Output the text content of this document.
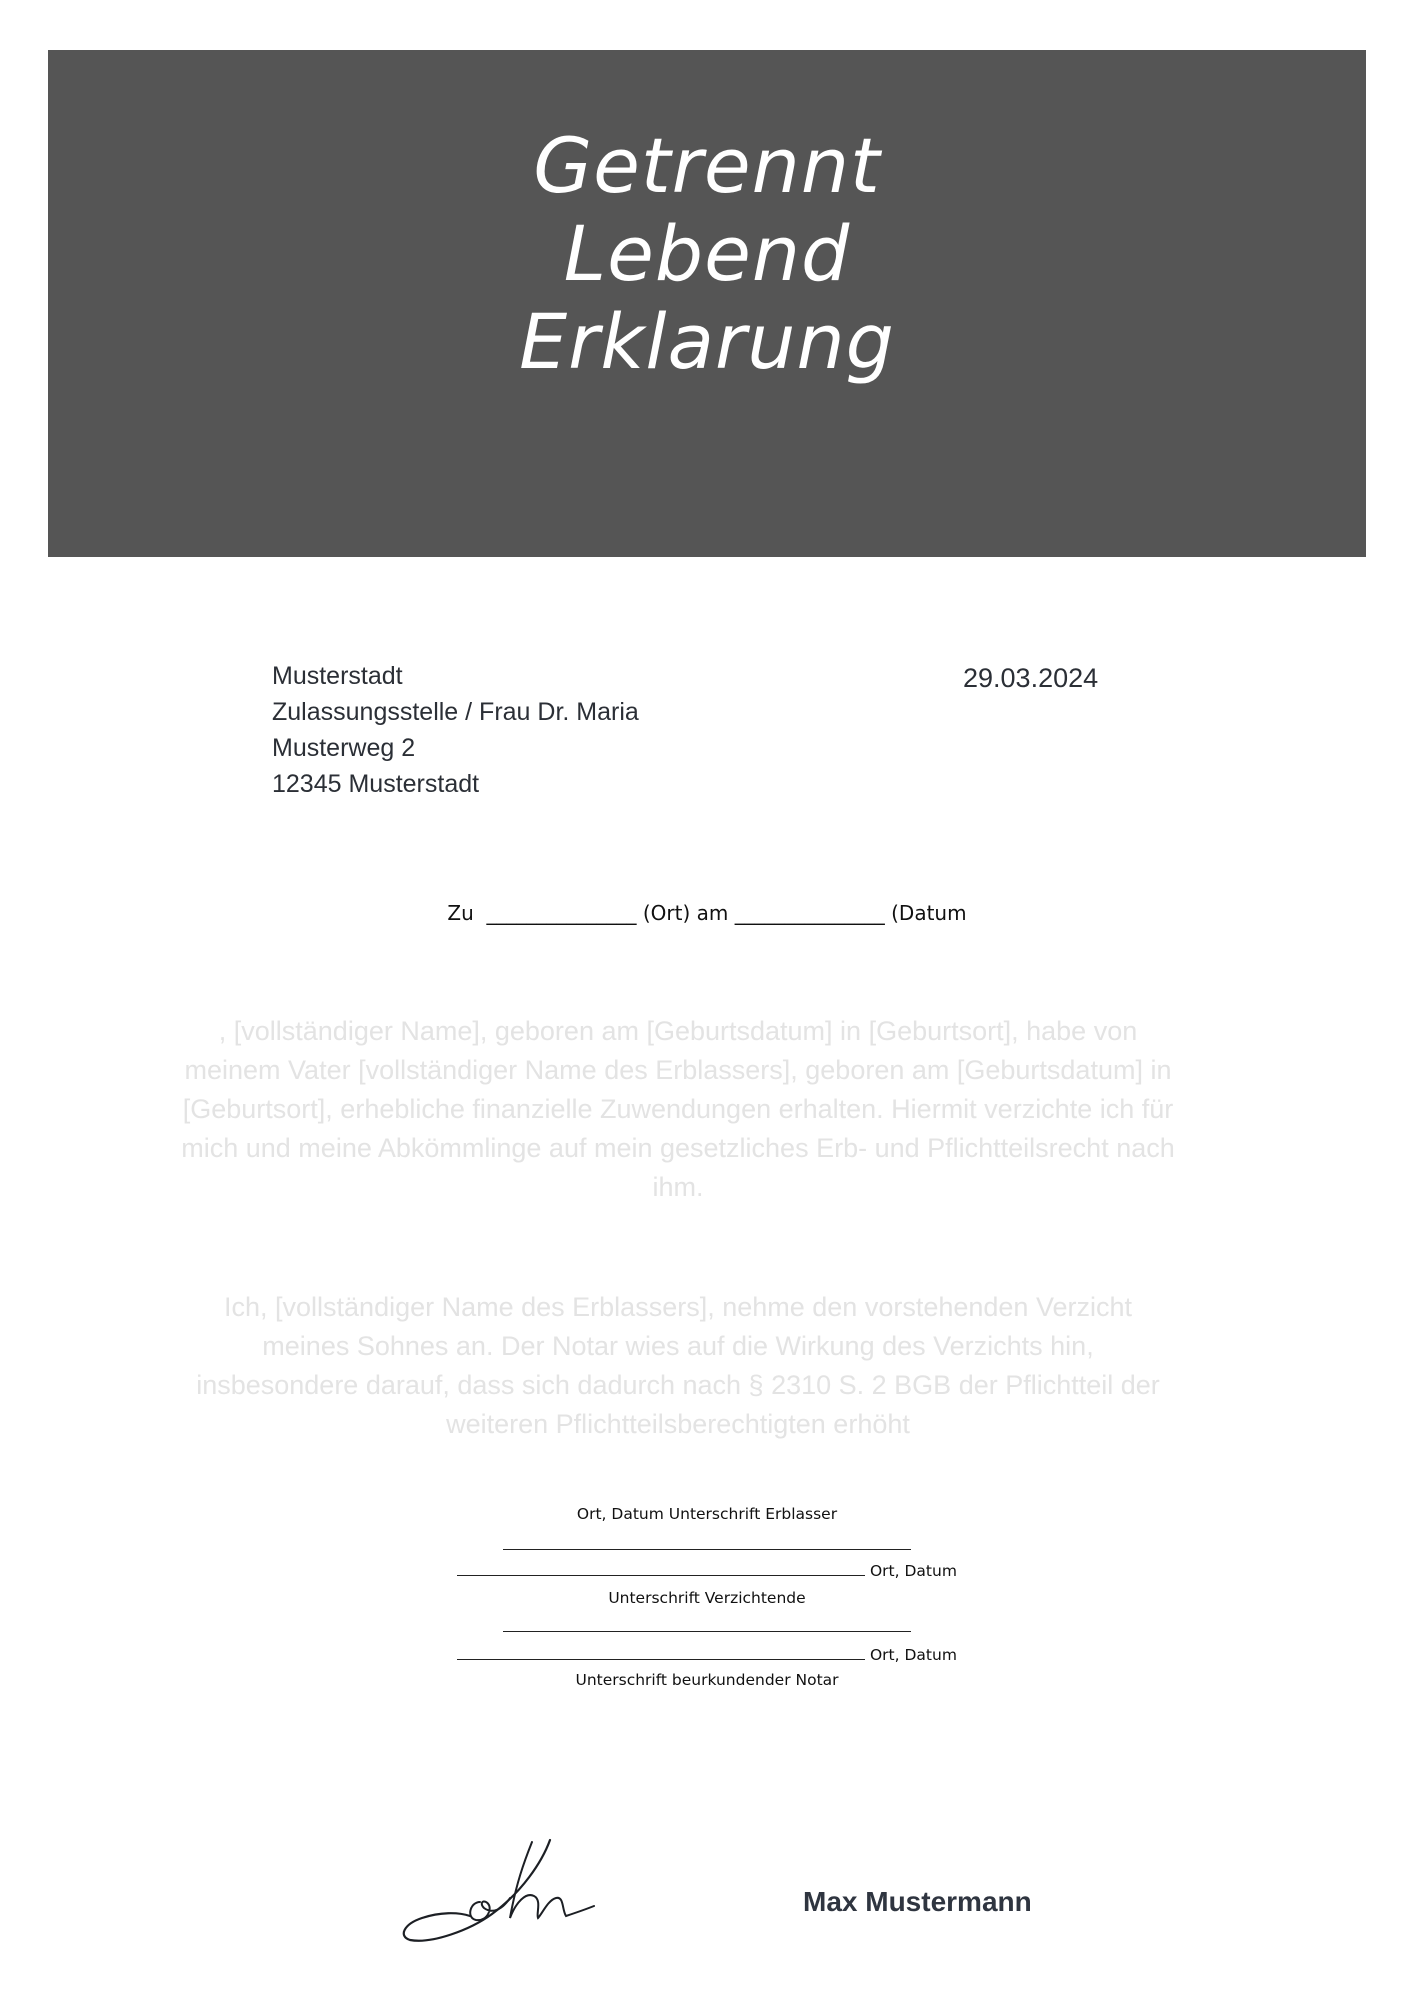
Getrennt
Lebend
Erklarung
Musterstadt
Zulassungsstelle / Frau Dr. Maria
Musterweg 2
12345 Musterstadt
29.03.2024
Zu _______________ (Ort) am _______________ (Datum
, [vollständiger Name], geboren am [Geburtsdatum] in [Geburtsort], habe von meinem Vater [vollständiger Name des Erblassers], geboren am [Geburtsdatum] in [Geburtsort], erhebliche finanzielle Zuwendungen erhalten. Hiermit verzichte ich für mich und meine Abkömmlinge auf mein gesetzliches Erb- und Pflichtteilsrecht nach ihm.
Ich, [vollständiger Name des Erblassers], nehme den vorstehenden Verzicht meines Sohnes an. Der Notar wies auf die Wirkung des Verzichts hin, insbesondere darauf, dass sich dadurch nach § 2310 S. 2 BGB der Pflichtteil der weiteren Pflichtteilsberechtigten erhöht
Ort, Datum Unterschrift Erblasser
Ort, Datum
Unterschrift Verzichtende
Ort, Datum
Unterschrift beurkundender Notar
Max Mustermann
